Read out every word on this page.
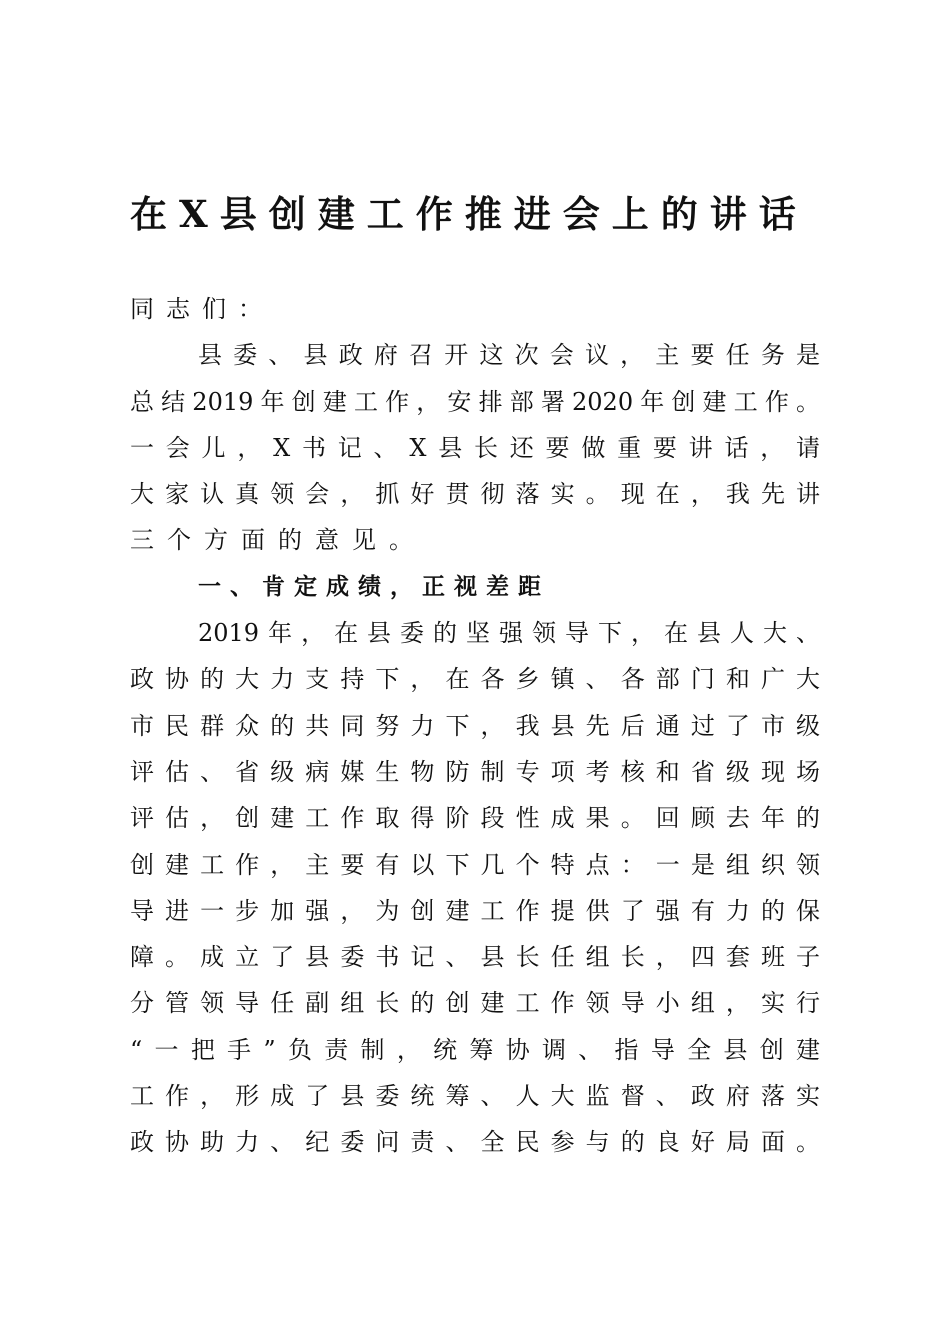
在X县创建工作推进会上的讲话
同志们：
县委、县政府召开这次会议，主要任务是
总结2019年创建工作，安排部署2020年创建工作。
一会儿，X书记、X县长还要做重要讲话，请
大家认真领会，抓好贯彻落实。现在，我先讲
三个方面的意见。
一、肯定成绩，正视差距
2019年，在县委的坚强领导下，在县人大、
政协的大力支持下，在各乡镇、各部门和广大
市民群众的共同努力下，我县先后通过了市级
评估、省级病媒生物防制专项考核和省级现场
评估，创建工作取得阶段性成果。回顾去年的
创建工作，主要有以下几个特点：一是组织领
导进一步加强，为创建工作提供了强有力的保
障。成立了县委书记、县长任组长，四套班子
分管领导任副组长的创建工作领导小组，实行
“一把手”负责制，统筹协调、指导全县创建
工作，形成了县委统筹、人大监督、政府落实
政协助力、纪委问责、全民参与的良好局面。
